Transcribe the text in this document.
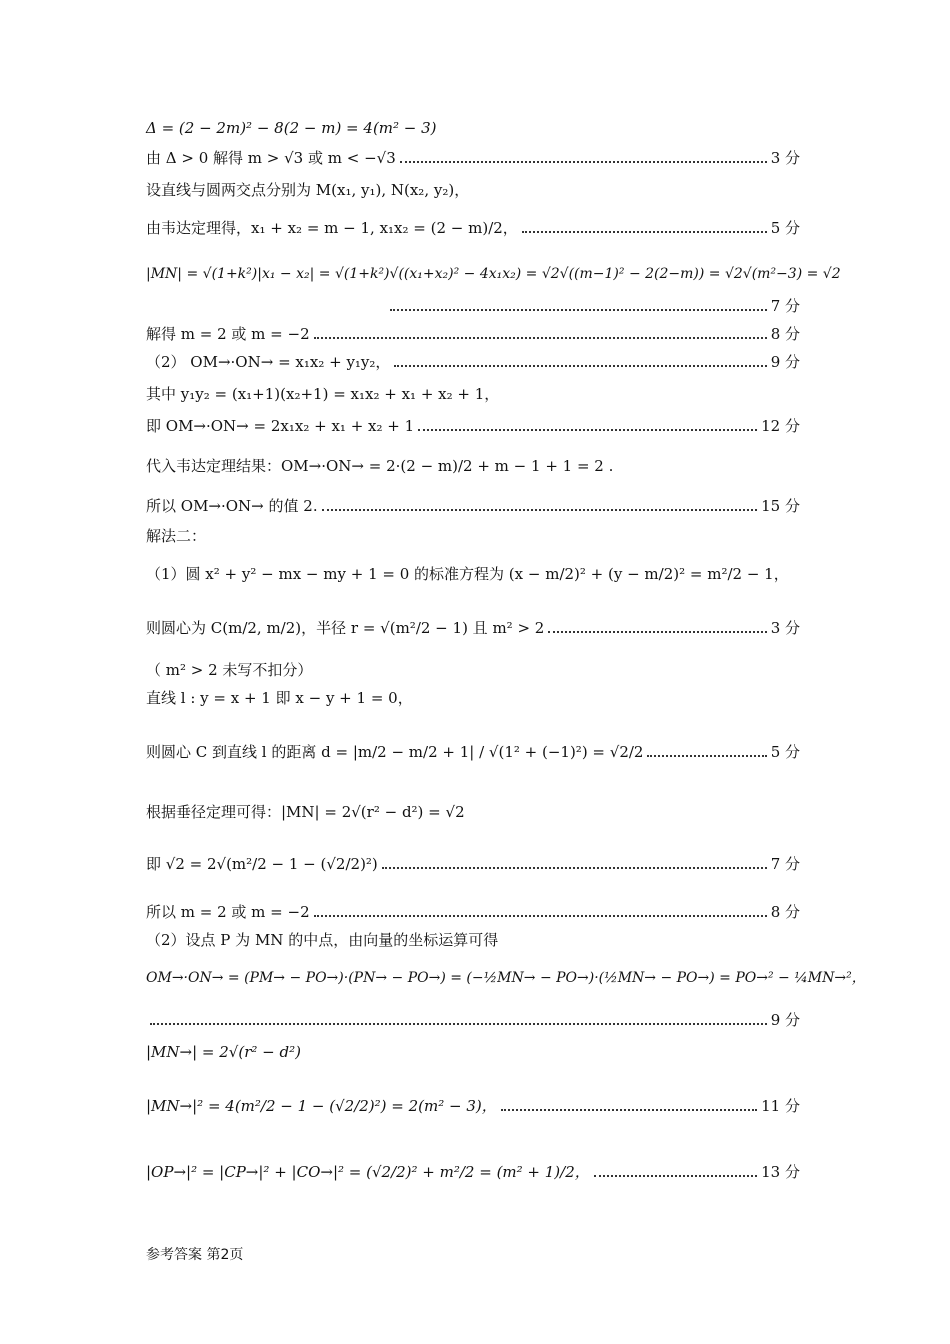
Δ = (2 − 2m)² − 8(2 − m) = 4(m² − 3)
由 Δ > 0 解得 m > √3 或 m < −√3	3 分
设直线与圆两交点分别为 M(x₁, y₁), N(x₂, y₂)，
由韦达定理得，x₁ + x₂ = m − 1, x₁x₂ = (2 − m)/2，	5 分
|MN| = √(1+k²)|x₁ − x₂| = √(1+k²)√((x₁+x₂)² − 4x₁x₂) = √2√((m−1)² − 2(2−m)) = √2√(m²−3) = √2
7 分
解得 m = 2 或 m = −2	8 分
（2） OM→·ON→ = x₁x₂ + y₁y₂，	9 分
其中 y₁y₂ = (x₁+1)(x₂+1) = x₁x₂ + x₁ + x₂ + 1，
即 OM→·ON→ = 2x₁x₂ + x₁ + x₂ + 1	12 分
代入韦达定理结果：OM→·ON→ = 2·(2 − m)/2 + m − 1 + 1 = 2 .
所以 OM→·ON→ 的值 2.	15 分
解法二：
（1）圆 x² + y² − mx − my + 1 = 0 的标准方程为 (x − m/2)² + (y − m/2)² = m²/2 − 1，
则圆心为 C(m/2, m/2)，半径 r = √(m²/2 − 1) 且 m² > 2	3 分
（ m² > 2 未写不扣分）
直线 l : y = x + 1 即 x − y + 1 = 0，
则圆心 C 到直线 l 的距离 d = |m/2 − m/2 + 1| / √(1² + (−1)²) = √2/2	5 分
根据垂径定理可得：|MN| = 2√(r² − d²) = √2
即 √2 = 2√(m²/2 − 1 − (√2/2)²)	7 分
所以 m = 2 或 m = −2	8 分
（2）设点 P 为 MN 的中点，由向量的坐标运算可得
OM→·ON→ = (PM→ − PO→)·(PN→ − PO→) = (−½MN→ − PO→)·(½MN→ − PO→) = PO→² − ¼MN→²，
9 分
|MN→| = 2√(r² − d²)
|MN→|² = 4(m²/2 − 1 − (√2/2)²) = 2(m² − 3)，	11 分
|OP→|² = |CP→|² + |CO→|² = (√2/2)² + m²/2 = (m² + 1)/2，	13 分
参考答案 第2页
